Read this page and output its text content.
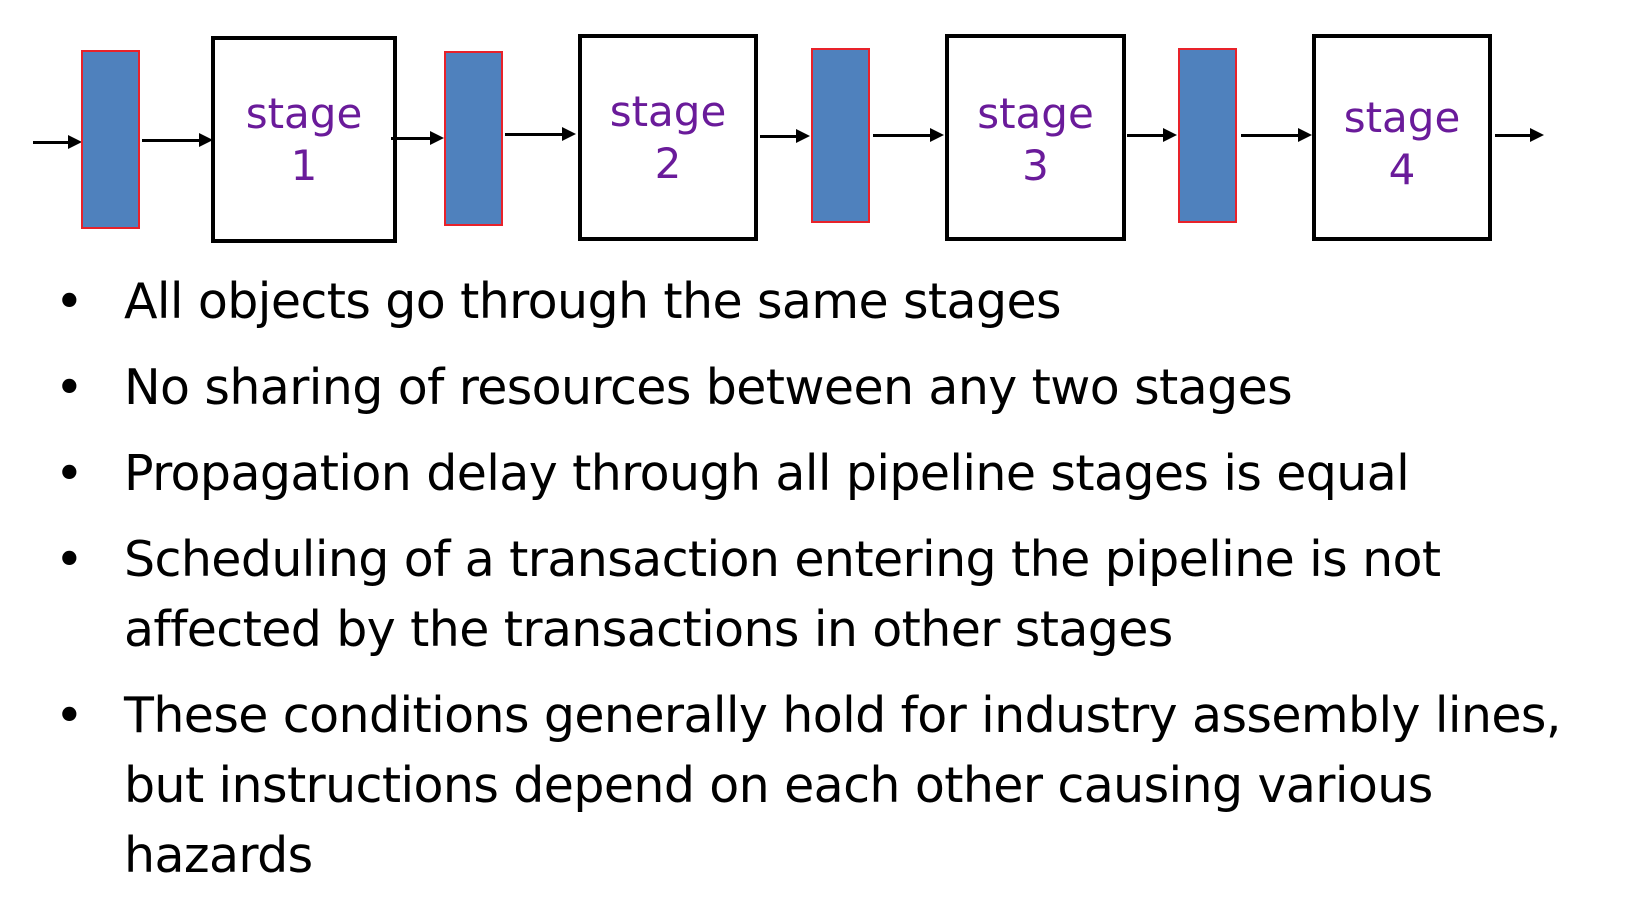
stage
1
stage
2
stage
3
stage
4
• All objects go through the same stages
• No sharing of resources between any two stages
• Propagation delay through all pipeline stages is equal
• Scheduling of a transaction entering the pipeline is not affected by the transactions in other stages
• These conditions generally hold for industry assembly lines, but instructions depend on each other causing various hazards
